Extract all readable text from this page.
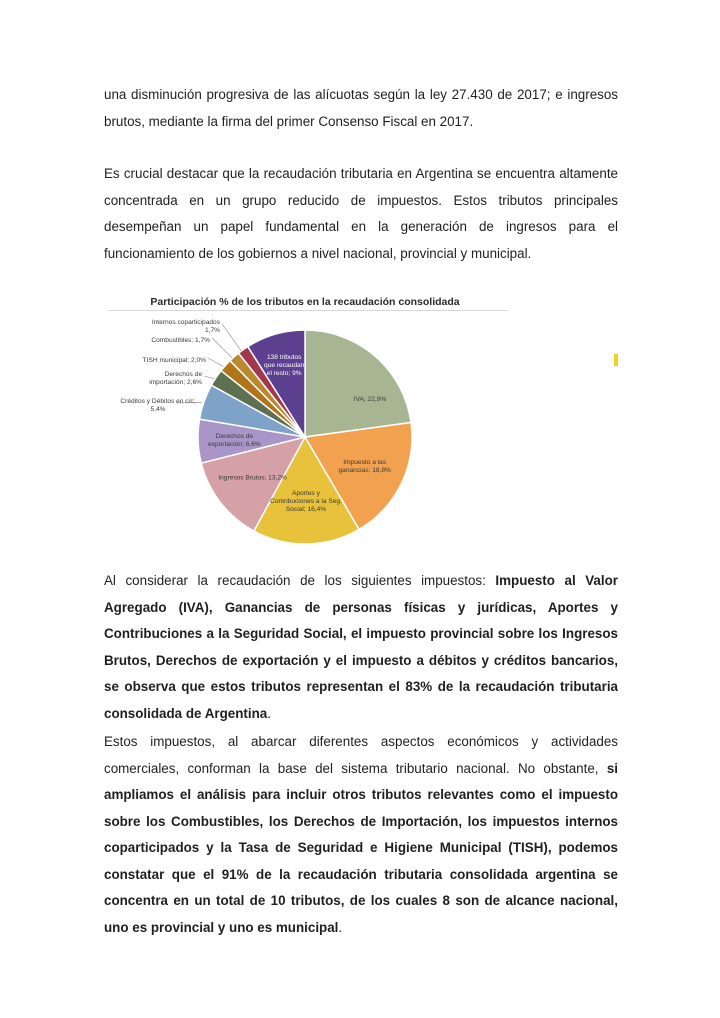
una disminución progresiva de las alícuotas según la ley 27.430 de 2017; e ingresos brutos, mediante la firma del primer Consenso Fiscal en 2017.

Es crucial destacar que la recaudación tributaria en Argentina se encuentra altamente concentrada en un grupo reducido de impuestos. Estos tributos principales desempeñan un papel fundamental en la generación de ingresos para el funcionamiento de los gobiernos a nivel nacional, provincial y municipal.

Participación % de los tributos en la recaudación consolidada
IVA; 22,9%
Impuesto a las ganancias; 18,8%
Aportes y Contribuciones a la Seg. Social; 16,4%
Ingresos Brutos; 13,2%
Derechos de exportación; 6,6%
Créditos y Débitos en c/c; 5,4%
Derechos de importación; 2,6%
TISH municipal; 2,0%
Combustibles; 1,7%
Internos coparticipados 1,7%
138 tributos que recaudan el resto; 9%

Al considerar la recaudación de los siguientes impuestos: Impuesto al Valor Agregado (IVA), Ganancias de personas físicas y jurídicas, Aportes y Contribuciones a la Seguridad Social, el impuesto provincial sobre los Ingresos Brutos, Derechos de exportación y el impuesto a débitos y créditos bancarios, se observa que estos tributos representan el 83% de la recaudación tributaria consolidada de Argentina.

Estos impuestos, al abarcar diferentes aspectos económicos y actividades comerciales, conforman la base del sistema tributario nacional. No obstante, si ampliamos el análisis para incluir otros tributos relevantes como el impuesto sobre los Combustibles, los Derechos de Importación, los impuestos internos coparticipados y la Tasa de Seguridad e Higiene Municipal (TISH), podemos constatar que el 91% de la recaudación tributaria consolidada argentina se concentra en un total de 10 tributos, de los cuales 8 son de alcance nacional, uno es provincial y uno es municipal.
